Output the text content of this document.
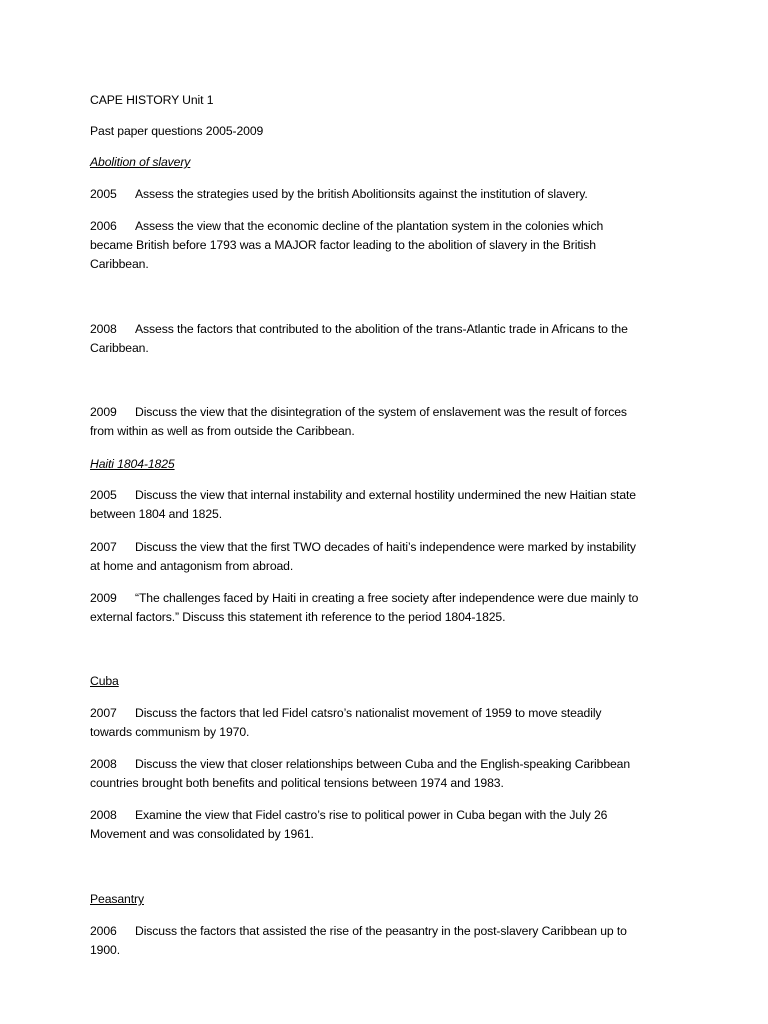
CAPE HISTORY Unit 1
Past paper questions 2005-2009
Abolition of slavery
2005 Assess the strategies used by the british Abolitionsits against the institution of slavery.
2006 Assess the view that the economic decline of the plantation system in the colonies which
became British before 1793 was a MAJOR factor leading to the abolition of slavery in the British
Caribbean.
2008 Assess the factors that contributed to the abolition of the trans-Atlantic trade in Africans to the
Caribbean.
2009 Discuss the view that the disintegration of the system of enslavement was the result of forces
from within as well as from outside the Caribbean.
Haiti 1804-1825
2005 Discuss the view that internal instability and external hostility undermined the new Haitian state
between 1804 and 1825.
2007 Discuss the view that the first TWO decades of haiti’s independence were marked by instability
at home and antagonism from abroad.
2009 “The challenges faced by Haiti in creating a free society after independence were due mainly to
external factors.” Discuss this statement ith reference to the period 1804-1825.
Cuba
2007 Discuss the factors that led Fidel catsro’s nationalist movement of 1959 to move steadily
towards communism by 1970.
2008 Discuss the view that closer relationships between Cuba and the English-speaking Caribbean
countries brought both benefits and political tensions between 1974 and 1983.
2008 Examine the view that Fidel castro’s rise to political power in Cuba began with the July 26
Movement and was consolidated by 1961.
Peasantry
2006 Discuss the factors that assisted the rise of the peasantry in the post-slavery Caribbean up to
1900.
